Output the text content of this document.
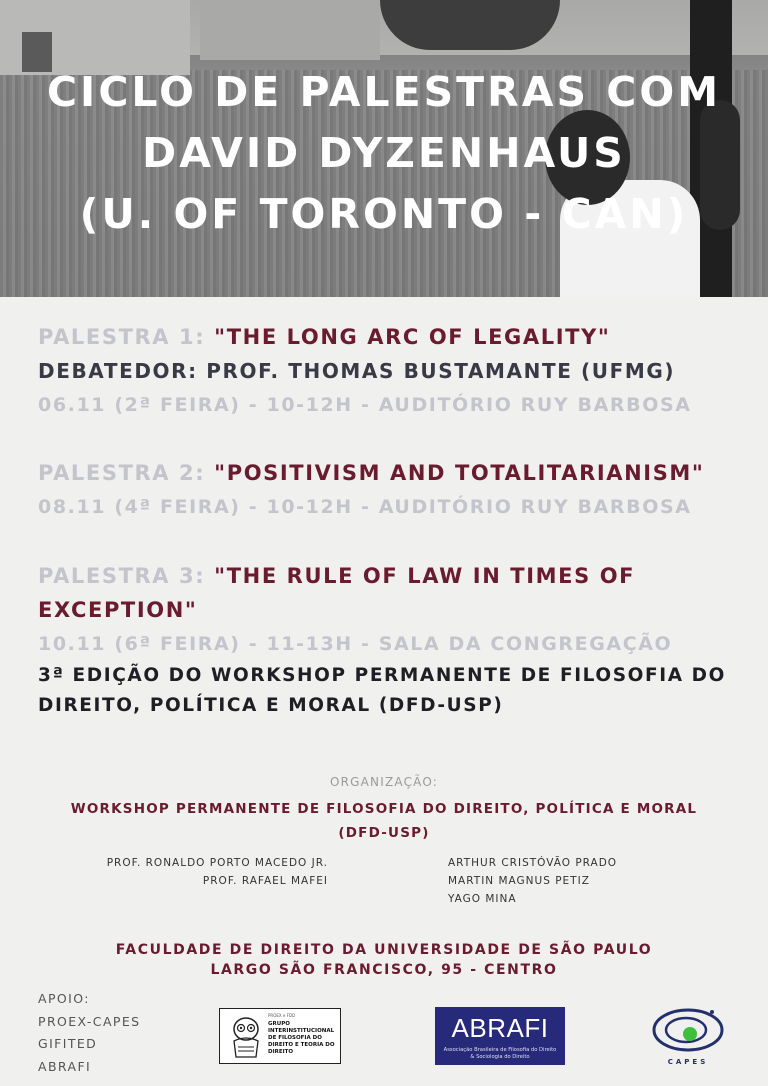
CICLO DE PALESTRAS COM
DAVID DYZENHAUS
(U. OF TORONTO - CAN)
PALESTRA 1: "THE LONG ARC OF LEGALITY"
DEBATEDOR: PROF. THOMAS BUSTAMANTE (UFMG)
06.11 (2ª FEIRA) - 10-12H - AUDITÓRIO RUY BARBOSA
PALESTRA 2: "POSITIVISM AND TOTALITARIANISM"
08.11 (4ª FEIRA) - 10-12H - AUDITÓRIO RUY BARBOSA
PALESTRA 3: "THE RULE OF LAW IN TIMES OF
EXCEPTION"
10.11 (6ª FEIRA) - 11-13H - SALA DA CONGREGAÇÃO
3ª EDIÇÃO DO WORKSHOP PERMANENTE DE FILOSOFIA DO
DIREITO, POLÍTICA E MORAL (DFD-USP)
ORGANIZAÇÃO:
WORKSHOP PERMANENTE DE FILOSOFIA DO DIREITO, POLÍTICA E MORAL
(DFD-USP)
PROF. RONALDO PORTO MACEDO JR.
PROF. RAFAEL MAFEI
ARTHUR CRISTÓVÃO PRADO
MARTIN MAGNUS PETIZ
YAGO MINA
FACULDADE DE DIREITO DA UNIVERSIDADE DE SÃO PAULO
LARGO SÃO FRANCISCO, 95 - CENTRO
APOIO:
PROEX-CAPES
GIFITED
ABRAFI
PROEX e FDD
GRUPO INTERINSTITUCIONAL DE FILOSOFIA DO DIREITO E TEORIA DO DIREITO
ABRAFI
Associação Brasileira de Filosofia do Direito
& Sociologia do Direito
CAPES
